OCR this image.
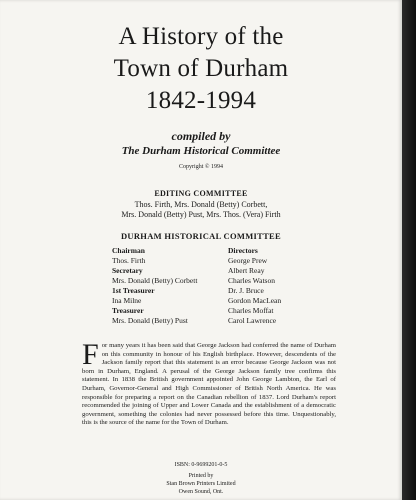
A History of the
Town of Durham
1842-1994
compiled by
The Durham Historical Committee
Copyright © 1994
EDITING COMMITTEE
Thos. Firth, Mrs. Donald (Betty) Corbett,
Mrs. Donald (Betty) Pust, Mrs. Thos. (Vera) Firth
DURHAM HISTORICAL COMMITTEE
Chairman
Thos. Firth
Secretary
Mrs. Donald (Betty) Corbett
1st Treasurer
Ina Milne
Treasurer
Mrs. Donald (Betty) Pust
Directors
George Prew
Albert Reay
Charles Watson
Dr. J. Bruce
Gordon MacLean
Charles Moffat
Carol Lawrence
For many years it has been said that George Jackson had conferred the name of Durham on this community in honour of his English birthplace. However, descendents of the Jackson family report that this statement is an error because George Jackson was not born in Durham, England. A perusal of the George Jackson family tree confirms this statement. In 1838 the British government appointed John George Lambton, the Earl of Durham, Governor-General and High Commissioner of British North America. He was responsible for preparing a report on the Canadian rebellion of 1837. Lord Durham's report recommended the joining of Upper and Lower Canada and the establishment of a democratic government, something the colonies had never possessed before this time. Unquestionably, this is the source of the name for the Town of Durham.
ISBN: 0-9699201-0-5
Printed by
Stan Brown Printers Limited
Owen Sound, Ont.
